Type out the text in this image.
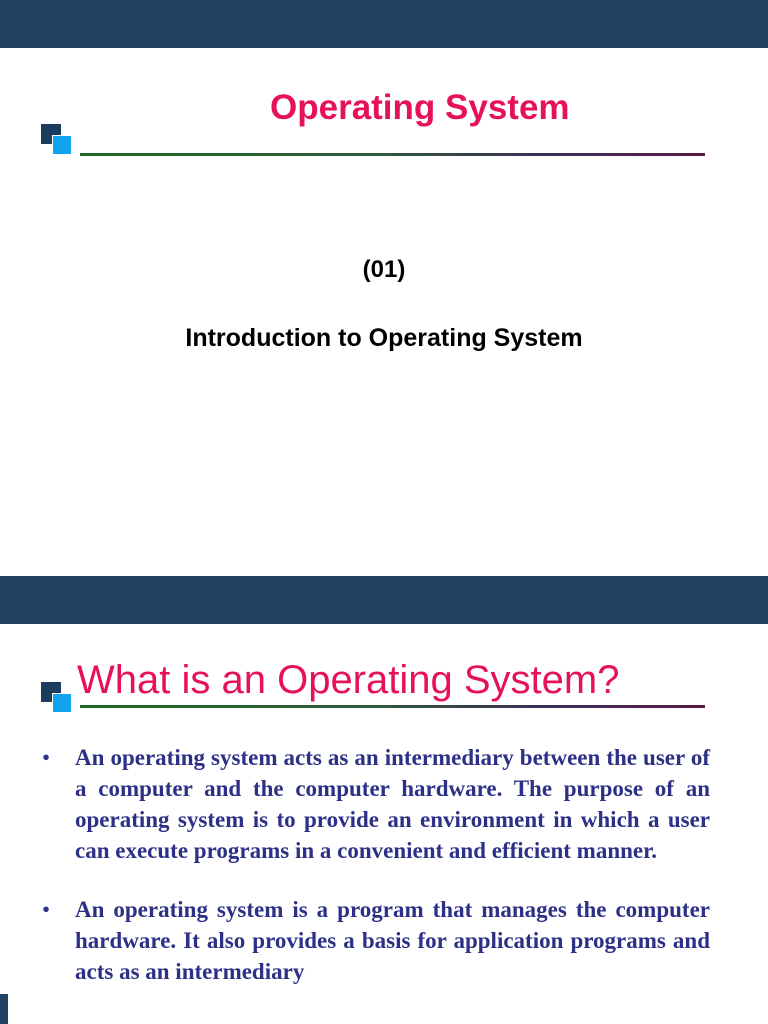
Operating System
(01)
Introduction to Operating System
What is an Operating System?
• An operating system acts as an intermediary between the user of a computer and the computer hardware. The purpose of an operating system is to provide an environment in which a user can execute programs in a convenient and efficient manner.
• An operating system is a program that manages the computer hardware. It also provides a basis for application programs and acts as an intermediary
